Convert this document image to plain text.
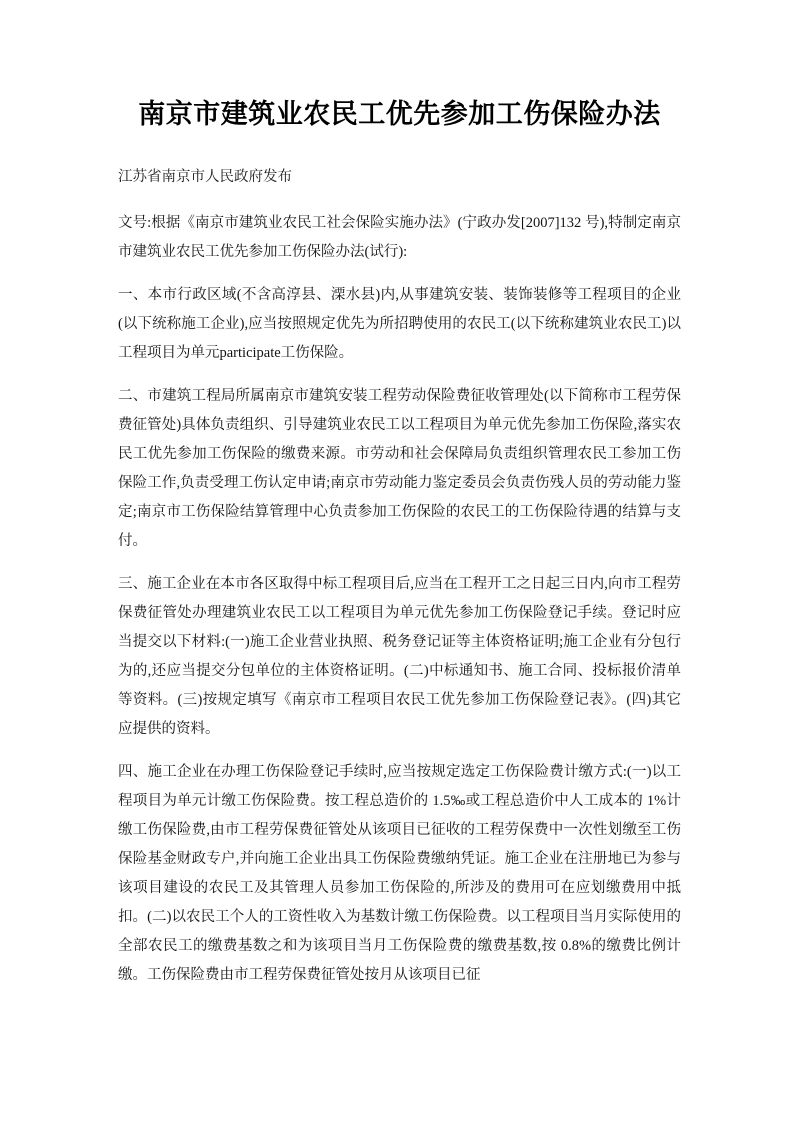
南京市建筑业农民工优先参加工伤保险办法

江苏省南京市人民政府发布

文号:根据《南京市建筑业农民工社会保险实施办法》(宁政办发[2007]132 号),特制定南京市建筑业农民工优先参加工伤保险办法(试行):

一、本市行政区域(不含高淳县、溧水县)内,从事建筑安装、装饰装修等工程项目的企业(以下统称施工企业),应当按照规定优先为所招聘使用的农民工(以下统称建筑业农民工)以工程项目为单元participate工伤保险。

二、市建筑工程局所属南京市建筑安装工程劳动保险费征收管理处(以下简称市工程劳保费征管处)具体负责组织、引导建筑业农民工以工程项目为单元优先参加工伤保险,落实农民工优先参加工伤保险的缴费来源。市劳动和社会保障局负责组织管理农民工参加工伤保险工作,负责受理工伤认定申请;南京市劳动能力鉴定委员会负责伤残人员的劳动能力鉴定;南京市工伤保险结算管理中心负责参加工伤保险的农民工的工伤保险待遇的结算与支付。

三、施工企业在本市各区取得中标工程项目后,应当在工程开工之日起三日内,向市工程劳保费征管处办理建筑业农民工以工程项目为单元优先参加工伤保险登记手续。登记时应当提交以下材料:(一)施工企业营业执照、税务登记证等主体资格证明;施工企业有分包行为的,还应当提交分包单位的主体资格证明。(二)中标通知书、施工合同、投标报价清单等资料。(三)按规定填写《南京市工程项目农民工优先参加工伤保险登记表》。(四)其它应提供的资料。

四、施工企业在办理工伤保险登记手续时,应当按规定选定工伤保险费计缴方式:(一)以工程项目为单元计缴工伤保险费。按工程总造价的 1.5‰或工程总造价中人工成本的 1%计缴工伤保险费,由市工程劳保费征管处从该项目已征收的工程劳保费中一次性划缴至工伤保险基金财政专户,并向施工企业出具工伤保险费缴纳凭证。施工企业在注册地已为参与该项目建设的农民工及其管理人员参加工伤保险的,所涉及的费用可在应划缴费用中抵扣。(二)以农民工个人的工资性收入为基数计缴工伤保险费。以工程项目当月实际使用的全部农民工的缴费基数之和为该项目当月工伤保险费的缴费基数,按 0.8%的缴费比例计缴。工伤保险费由市工程劳保费征管处按月从该项目已征
